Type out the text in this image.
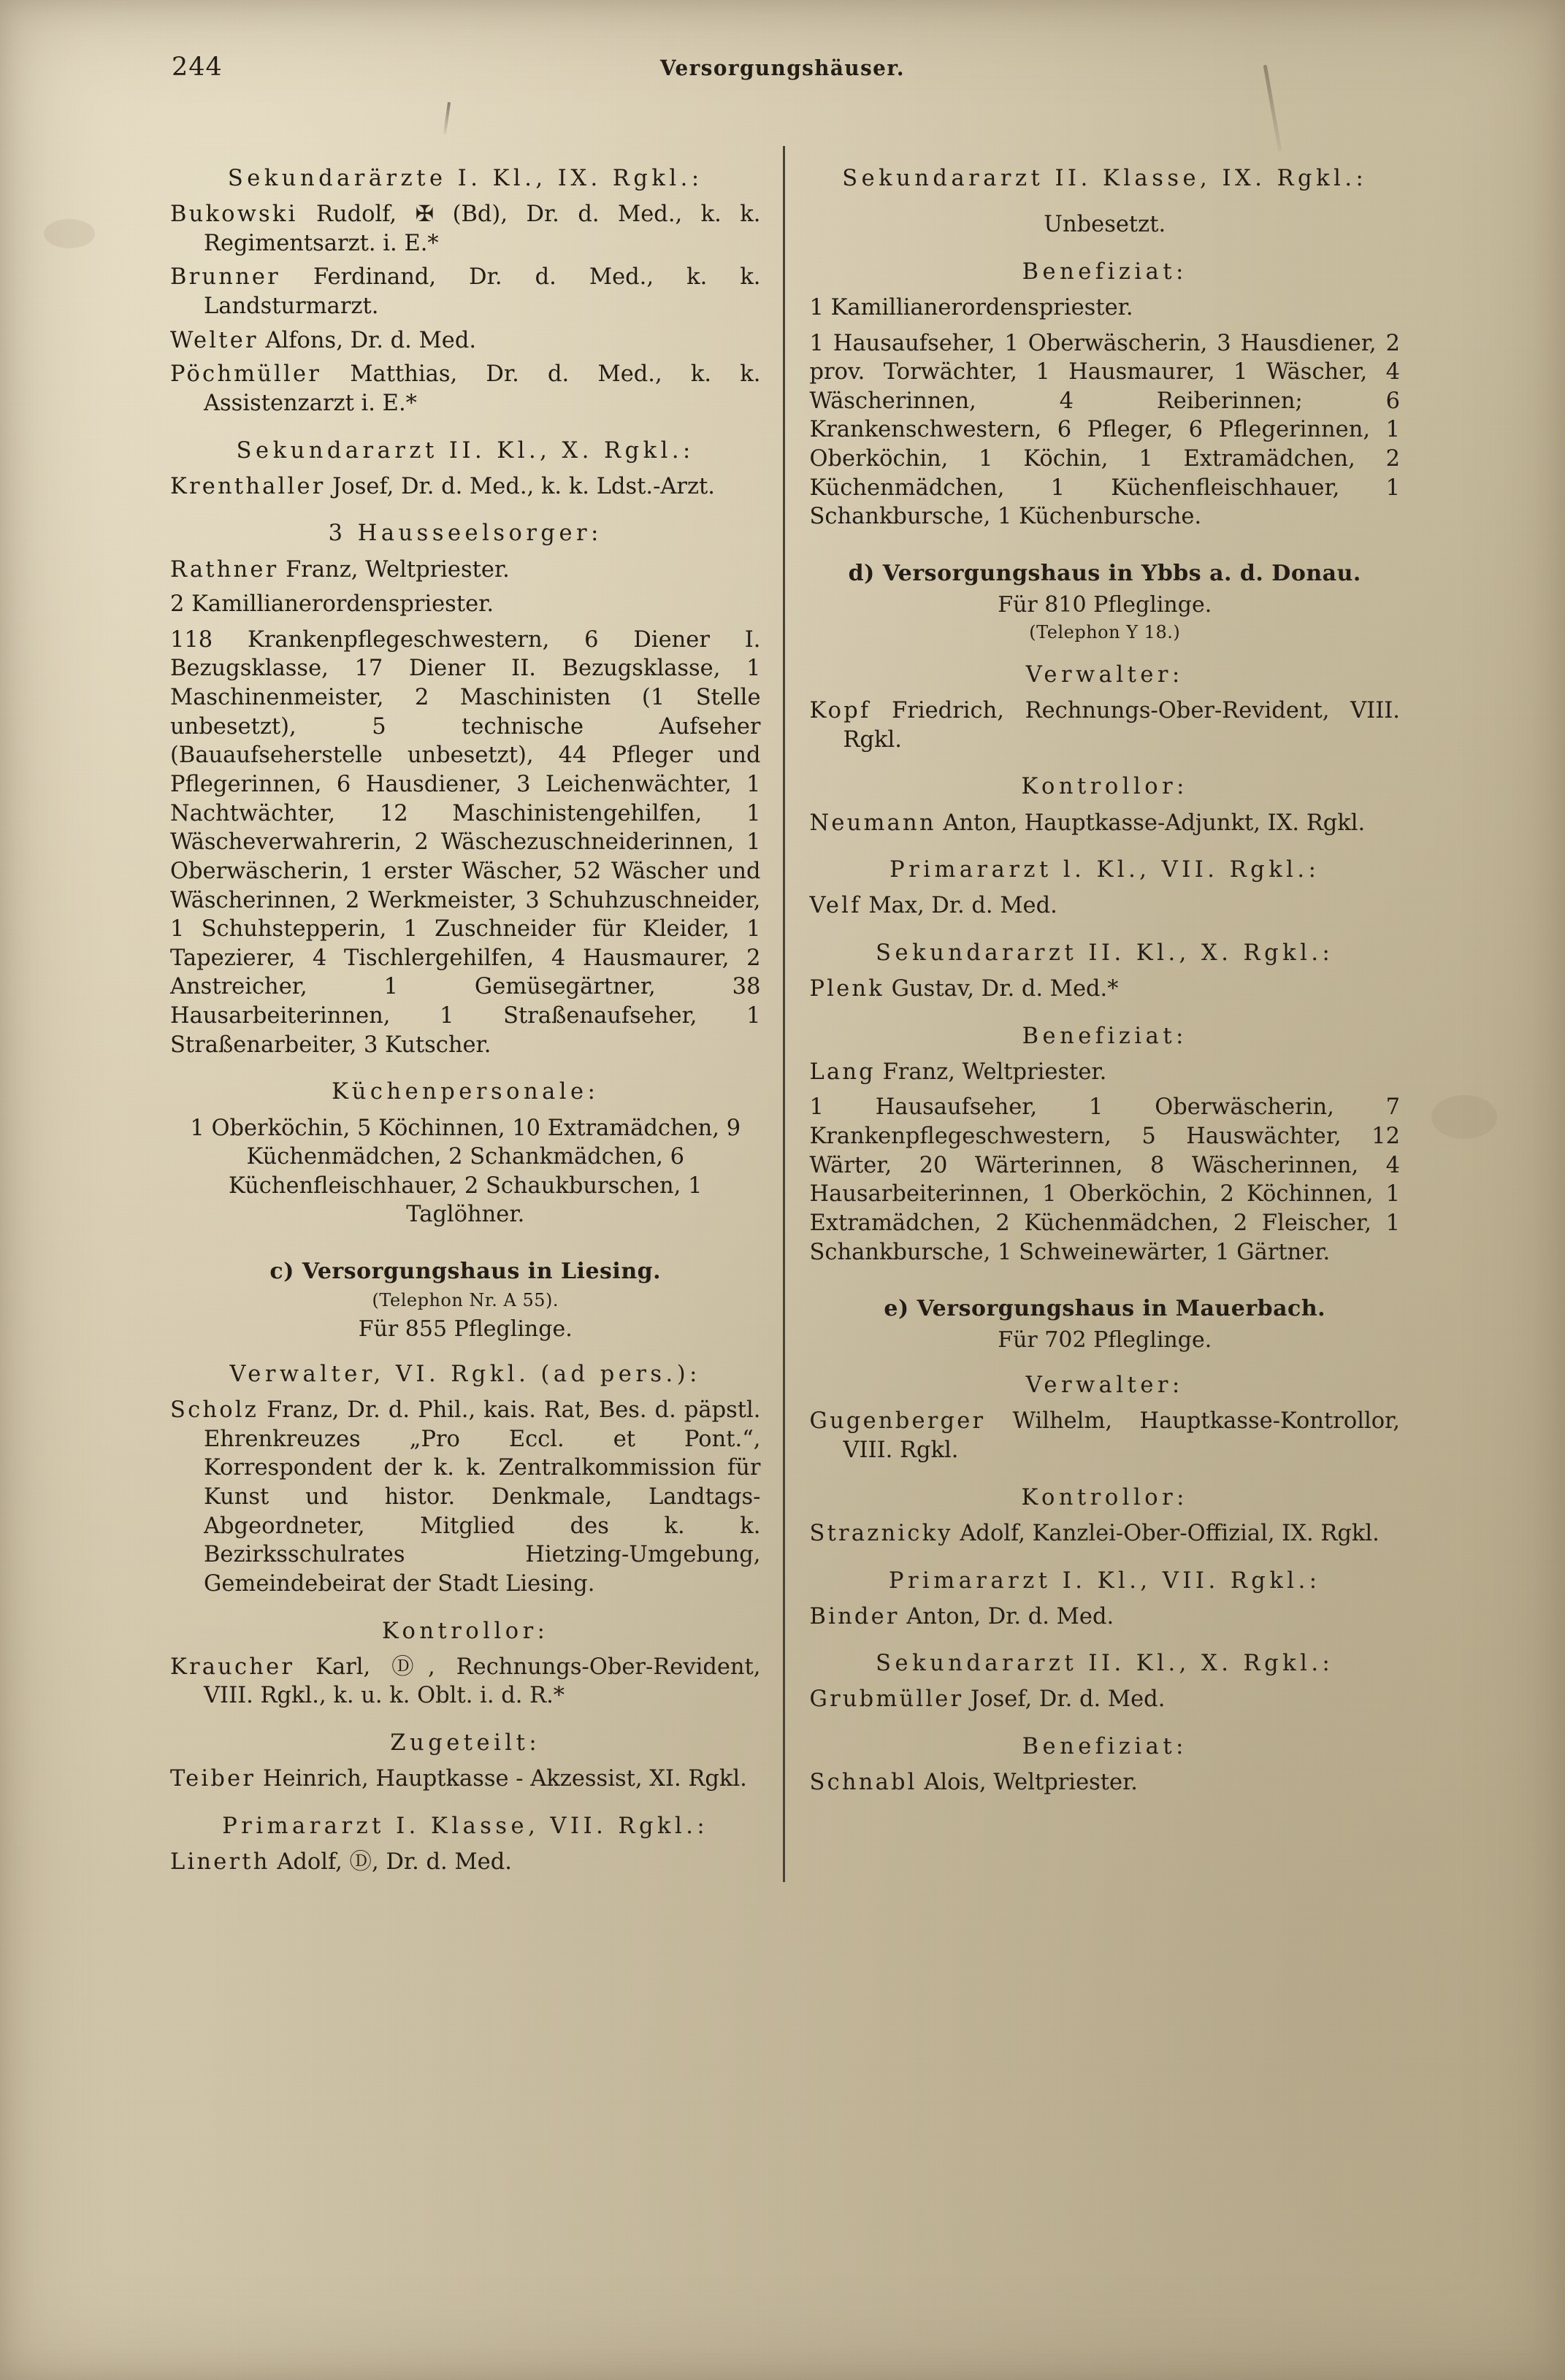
244	Versorgungshäuser.
Sekundarärzte I. Kl., IX. Rgkl.:

Bukowski Rudolf, ✠ (Bd), Dr. d. Med., k. k. Regimentsarzt. i. E.*

Brunner Ferdinand, Dr. d. Med., k. k. Landsturmarzt.

Welter Alfons, Dr. d. Med.

Pöchmüller Matthias, Dr. d. Med., k. k. Assistenzarzt i. E.*

Sekundararzt II. Kl., X. Rgkl.:

Krenthaller Josef, Dr. d. Med., k. k. Ldst.-Arzt.

3 Hausseelsorger:

Rathner Franz, Weltpriester.

2 Kamillianerordenspriester.

118 Krankenpflegeschwestern, 6 Diener I. Bezugsklasse, 17 Diener II. Bezugsklasse, 1 Maschinenmeister, 2 Maschinisten (1 Stelle unbesetzt), 5 technische Aufseher (Bauaufseherstelle unbesetzt), 44 Pfleger und Pflegerinnen, 6 Hausdiener, 3 Leichenwächter, 1 Nachtwächter, 12 Maschinistengehilfen, 1 Wäscheverwahrerin, 2 Wäschezuschneiderinnen, 1 Oberwäscherin, 1 erster Wäscher, 52 Wäscher und Wäscherinnen, 2 Werkmeister, 3 Schuhzuschneider, 1 Schuhstepperin, 1 Zuschneider für Kleider, 1 Tapezierer, 4 Tischlergehilfen, 4 Hausmaurer, 2 Anstreicher, 1 Gemüsegärtner, 38 Hausarbeiterinnen, 1 Straßenaufseher, 1 Straßenarbeiter, 3 Kutscher.

Küchenpersonale:

1 Oberköchin, 5 Köchinnen, 10 Extramädchen, 9 Küchenmädchen, 2 Schankmädchen, 6 Küchenfleischhauer, 2 Schaukburschen, 1 Taglöhner.

c) Versorgungshaus in Liesing.
(Telephon Nr. A 55).
Für 855 Pfleglinge.
Verwalter, VI. Rgkl. (ad pers.):

Scholz Franz, Dr. d. Phil., kais. Rat, Bes. d. päpstl. Ehrenkreuzes „Pro Eccl. et Pont.“, Korrespondent der k. k. Zentralkommission für Kunst und histor. Denkmale, Landtags-Abgeordneter, Mitglied des k. k. Bezirksschulrates Hietzing-Umgebung, Gemeindebeirat der Stadt Liesing.

Kontrollor:

Kraucher Karl, Ⓓ, Rechnungs-Ober-Revident, VIII. Rgkl., k. u. k. Oblt. i. d. R.*

Zugeteilt:

Teiber Heinrich, Hauptkasse - Akzessist, XI. Rgkl.

Primararzt I. Klasse, VII. Rgkl.:

Linerth Adolf, Ⓓ, Dr. d. Med.

Sekundararzt II. Klasse, IX. Rgkl.:
Unbesetzt.
Benefiziat:

1 Kamillianerordenspriester.

1 Hausaufseher, 1 Oberwäscherin, 3 Hausdiener, 2 prov. Torwächter, 1 Hausmaurer, 1 Wäscher, 4 Wäscherinnen, 4 Reiberinnen; 6 Krankenschwestern, 6 Pfleger, 6 Pflegerinnen, 1 Oberköchin, 1 Köchin, 1 Extramädchen, 2 Küchenmädchen, 1 Küchenfleischhauer, 1 Schankbursche, 1 Küchenbursche.

d) Versorgungshaus in Ybbs a. d. Donau.
Für 810 Pfleglinge.
(Telephon Y 18.)
Verwalter:

Kopf Friedrich, Rechnungs-Ober-Revident, VIII. Rgkl.

Kontrollor:

Neumann Anton, Hauptkasse-Adjunkt, IX. Rgkl.

Primararzt l. Kl., VII. Rgkl.:

Velf Max, Dr. d. Med.

Sekundararzt II. Kl., X. Rgkl.:

Plenk Gustav, Dr. d. Med.*

Benefiziat:

Lang Franz, Weltpriester.

1 Hausaufseher, 1 Oberwäscherin, 7 Krankenpflegeschwestern, 5 Hauswächter, 12 Wärter, 20 Wärterinnen, 8 Wäscherinnen, 4 Hausarbeiterinnen, 1 Oberköchin, 2 Köchinnen, 1 Extramädchen, 2 Küchenmädchen, 2 Fleischer, 1 Schankbursche, 1 Schweinewärter, 1 Gärtner.

e) Versorgungshaus in Mauerbach.
Für 702 Pfleglinge.
Verwalter:

Gugenberger Wilhelm, Hauptkasse-Kontrollor, VIII. Rgkl.

Kontrollor:

Straznicky Adolf, Kanzlei-Ober-Offizial, IX. Rgkl.

Primararzt I. Kl., VII. Rgkl.:

Binder Anton, Dr. d. Med.

Sekundararzt II. Kl., X. Rgkl.:

Grubmüller Josef, Dr. d. Med.

Benefiziat:

Schnabl Alois, Weltpriester.
